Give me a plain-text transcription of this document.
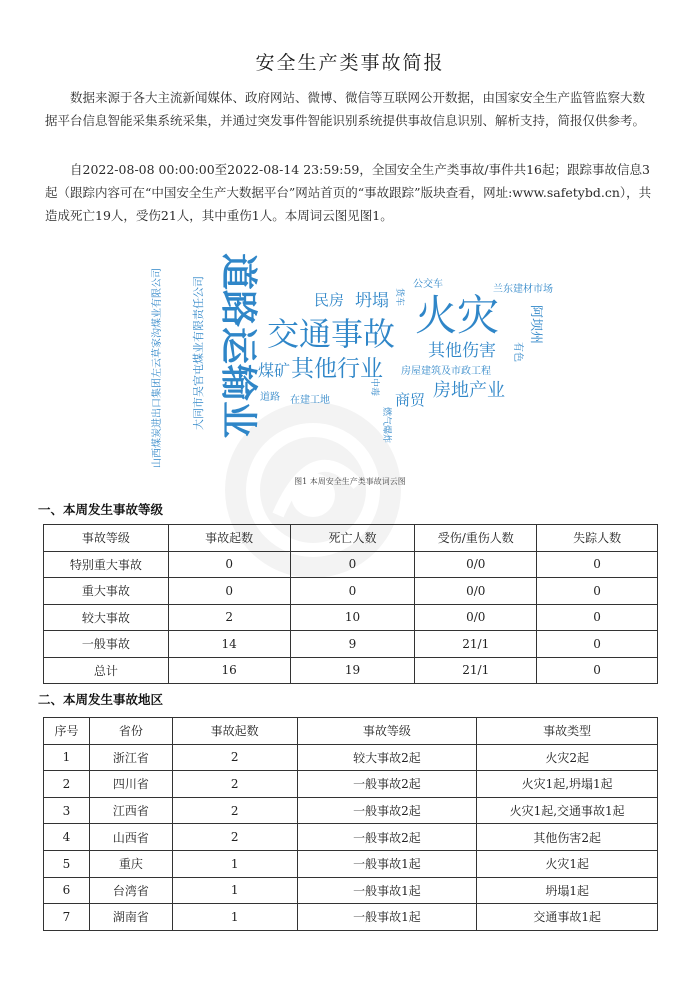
安全生产类事故简报

数据来源于各大主流新闻媒体、政府网站、微博、微信等互联网公开数据，由国家安全生产监管监察大数据平台信息智能采集系统采集，并通过突发事件智能识别系统提供事故信息识别、解析支持，简报仅供参考。

自2022-08-08 00:00:00至2022-08-14 23:59:59，全国安全生产类事故/事件共16起；跟踪事故信息3起（跟踪内容可在“中国安全生产大数据平台”网站首页的“事故跟踪”版块查看，网址:www.safetybd.cn），共造成死亡19人，受伤21人，其中重伤1人。本周词云图见图1。

山西煤炭进出口集团左云草家沟煤业有限公司	大同市吴官屯煤业有限责任公司 道路运输业	民房 坍塌 货车
公交车	兰东建材市场
交通事故 火灾 阿坝州
有色
其他伤害
煤矿 其他行业 房屋建筑及市政工程
房地产业
商贸
中毒
燃气爆炸
道路 在建工地
图1 本周安全生产类事故词云图
一、本周发生事故等级
事故等级	事故起数	死亡人数	受伤/重伤人数	失踪人数
特别重大事故	0	0	0/0	0
重大事故	0	0	0/0	0
较大事故	2	10	0/0	0
一般事故	14	9	21/1	0
总计	16	19	21/1	0
二、本周发生事故地区
序号	省份	事故起数	事故等级	事故类型
1	浙江省	2	较大事故2起	火灾2起
2	四川省	2	一般事故2起	火灾1起,坍塌1起
3	江西省	2	一般事故2起	火灾1起,交通事故1起
4	山西省	2	一般事故2起	其他伤害2起
5	重庆	1	一般事故1起	火灾1起
6	台湾省	1	一般事故1起	坍塌1起
7	湖南省	1	一般事故1起	交通事故1起
